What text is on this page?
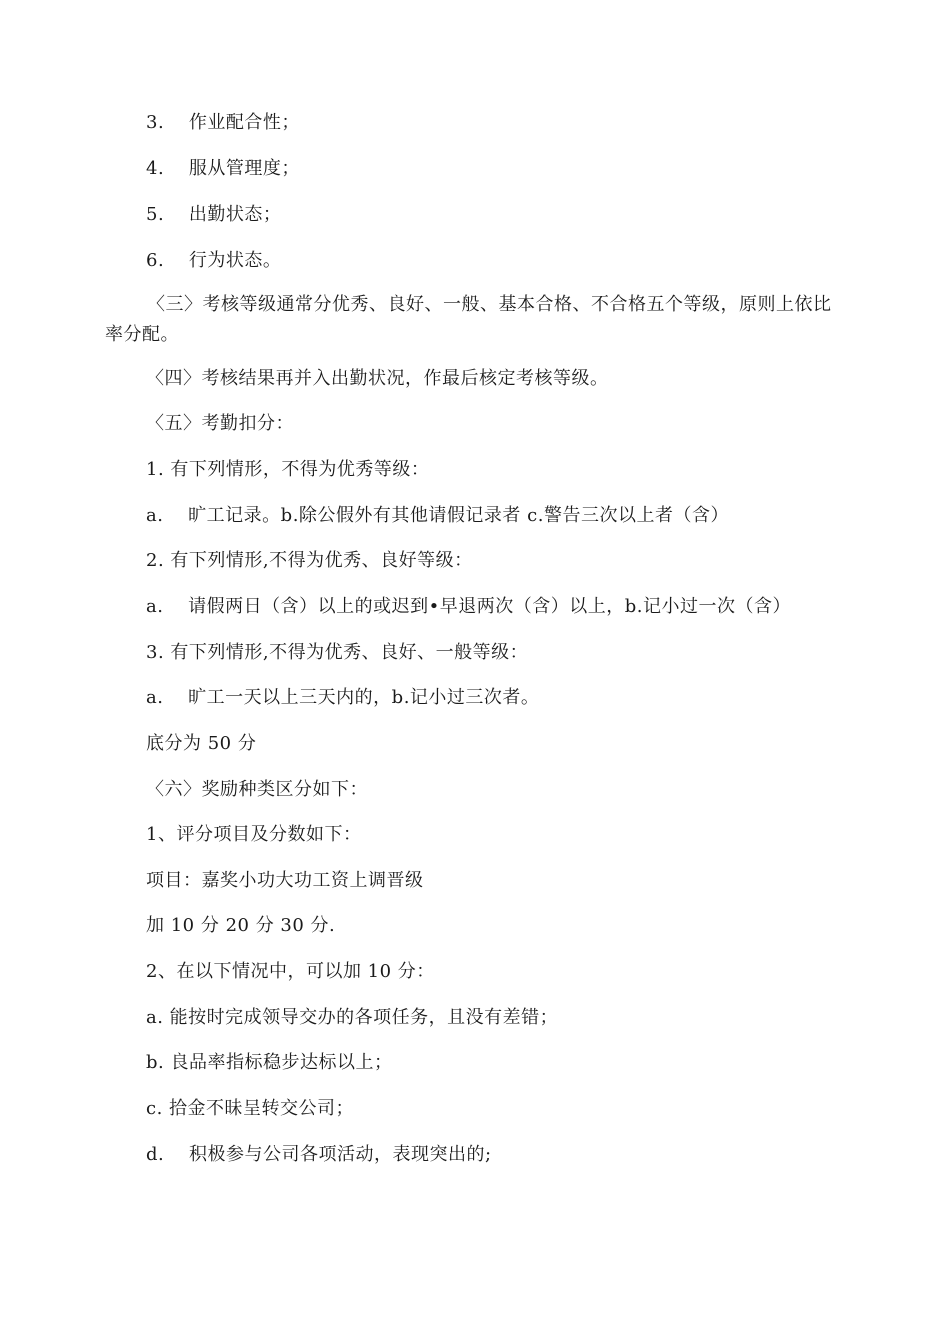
3.　 作业配合性；
4.　 服从管理度；
5.　 出勤状态；
6.　 行为状态。
〈三〉考核等级通常分优秀、良好、一般、基本合格、不合格五个等级，原则上依比率分配。
〈四〉考核结果再并入出勤状况，作最后核定考核等级。
〈五〉考勤扣分：
1. 有下列情形，不得为优秀等级：
a.　 旷工记录。b.除公假外有其他请假记录者 c.警告三次以上者（含）
2. 有下列情形,不得为优秀、良好等级：
a.　 请假两日（含）以上的或迟到•早退两次（含）以上，b.记小过一次（含）
3. 有下列情形,不得为优秀、良好、一般等级：
a.　 旷工一天以上三天内的，b.记小过三次者。
底分为 50 分
〈六〉奖励种类区分如下：
1、评分项目及分数如下：
项目：嘉奖小功大功工资上调晋级
加 10 分 20 分 30 分.
2、在以下情况中，可以加 10 分：
a. 能按时完成领导交办的各项任务，且没有差错；
b. 良品率指标稳步达标以上；
c. 拾金不昧呈转交公司；
d.　 积极参与公司各项活动，表现突出的;
